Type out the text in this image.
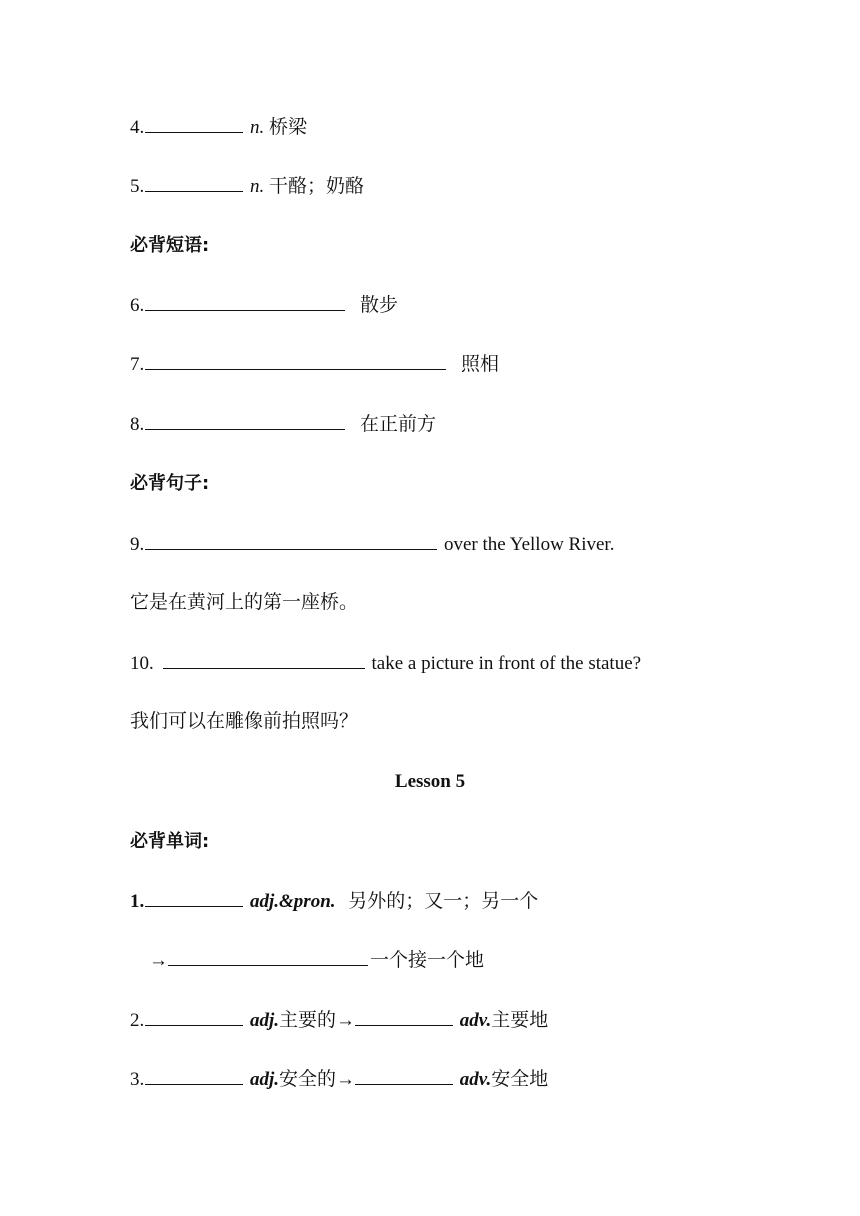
4.	n. 桥梁
5.	n. 干酪；奶酪
必背短语:
6.	散步
7.	照相
8.	在正前方
必背句子:
9.	over the Yellow River.
它是在黄河上的第一座桥。
10.	take a picture in front of the statue?
我们可以在雕像前拍照吗？
Lesson 5
必背单词:
1.	adj.&pron. 另外的；又一；另一个
→	一个接一个地
2.	adj.主要的→	adv.主要地
3.	adj.安全的→	adv.安全地
